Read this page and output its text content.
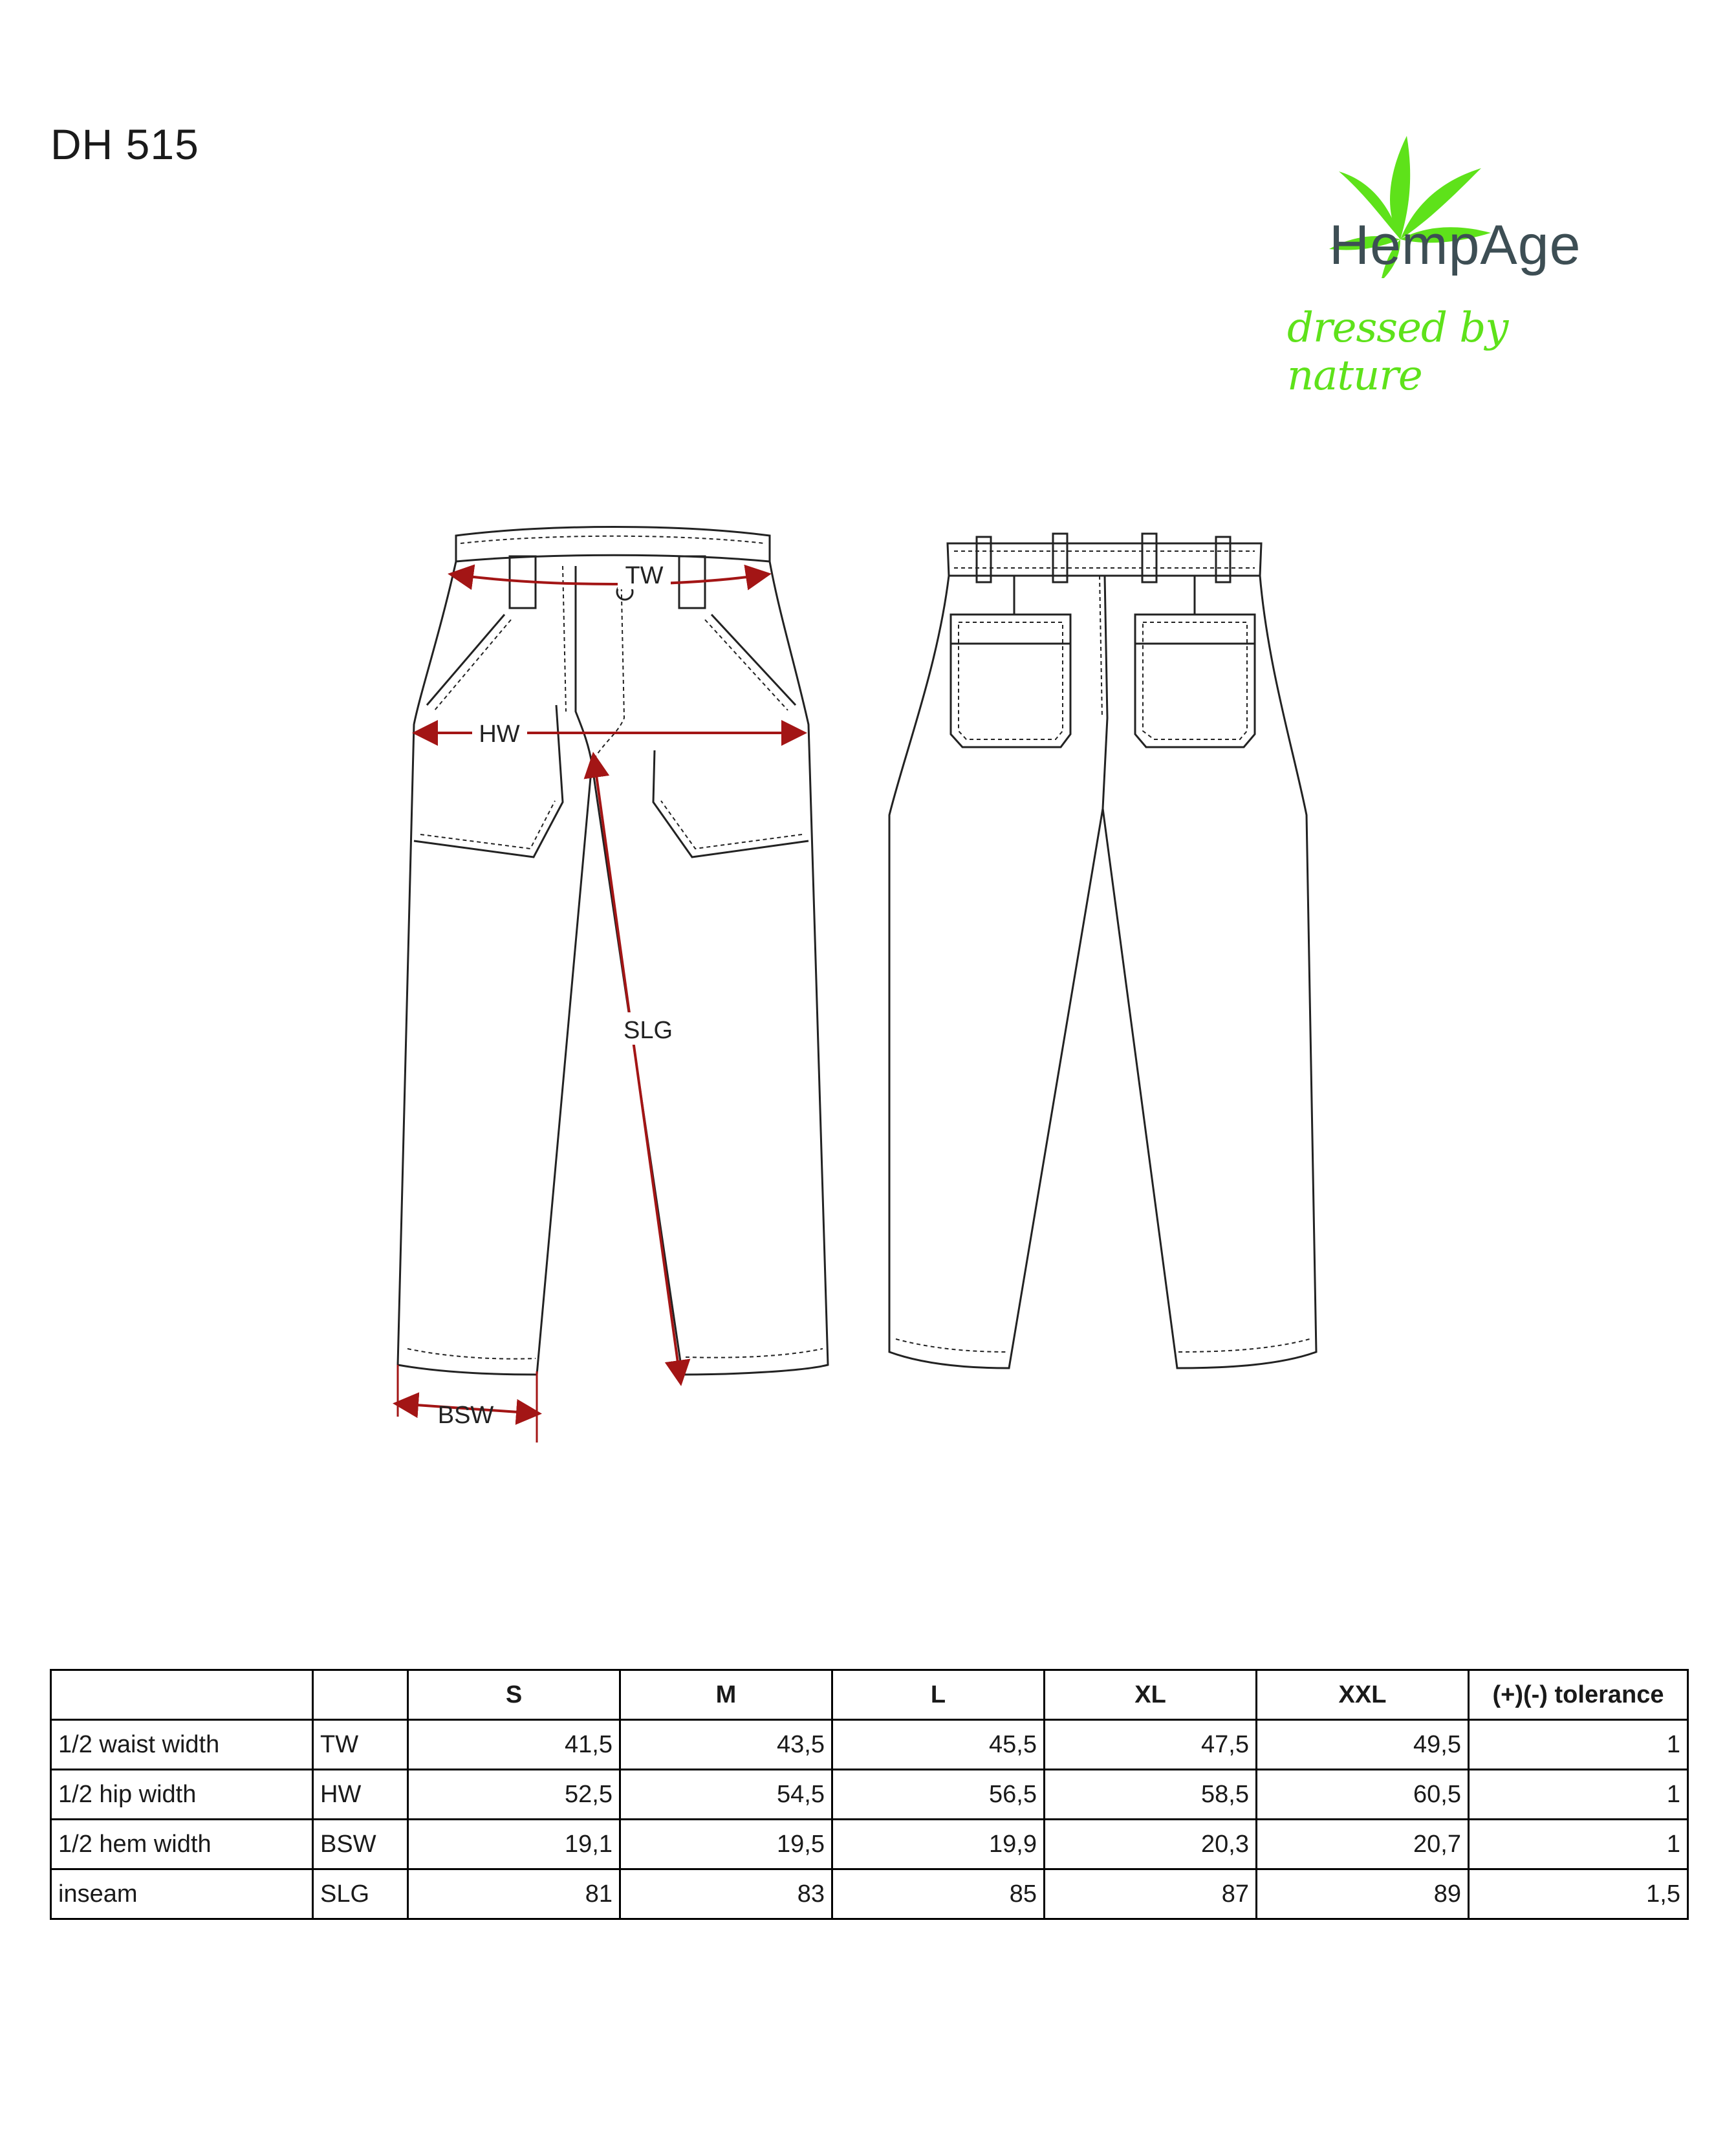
DH 515
HempAge
dressed by nature
TW
HW
SLG
BSW
		S	M	L	XL	XXL	(+)(-) tolerance
1/2 waist width	TW	41,5	43,5	45,5	47,5	49,5	1
1/2 hip width	HW	52,5	54,5	56,5	58,5	60,5	1
1/2 hem width	BSW	19,1	19,5	19,9	20,3	20,7	1
inseam	SLG	81	83	85	87	89	1,5
